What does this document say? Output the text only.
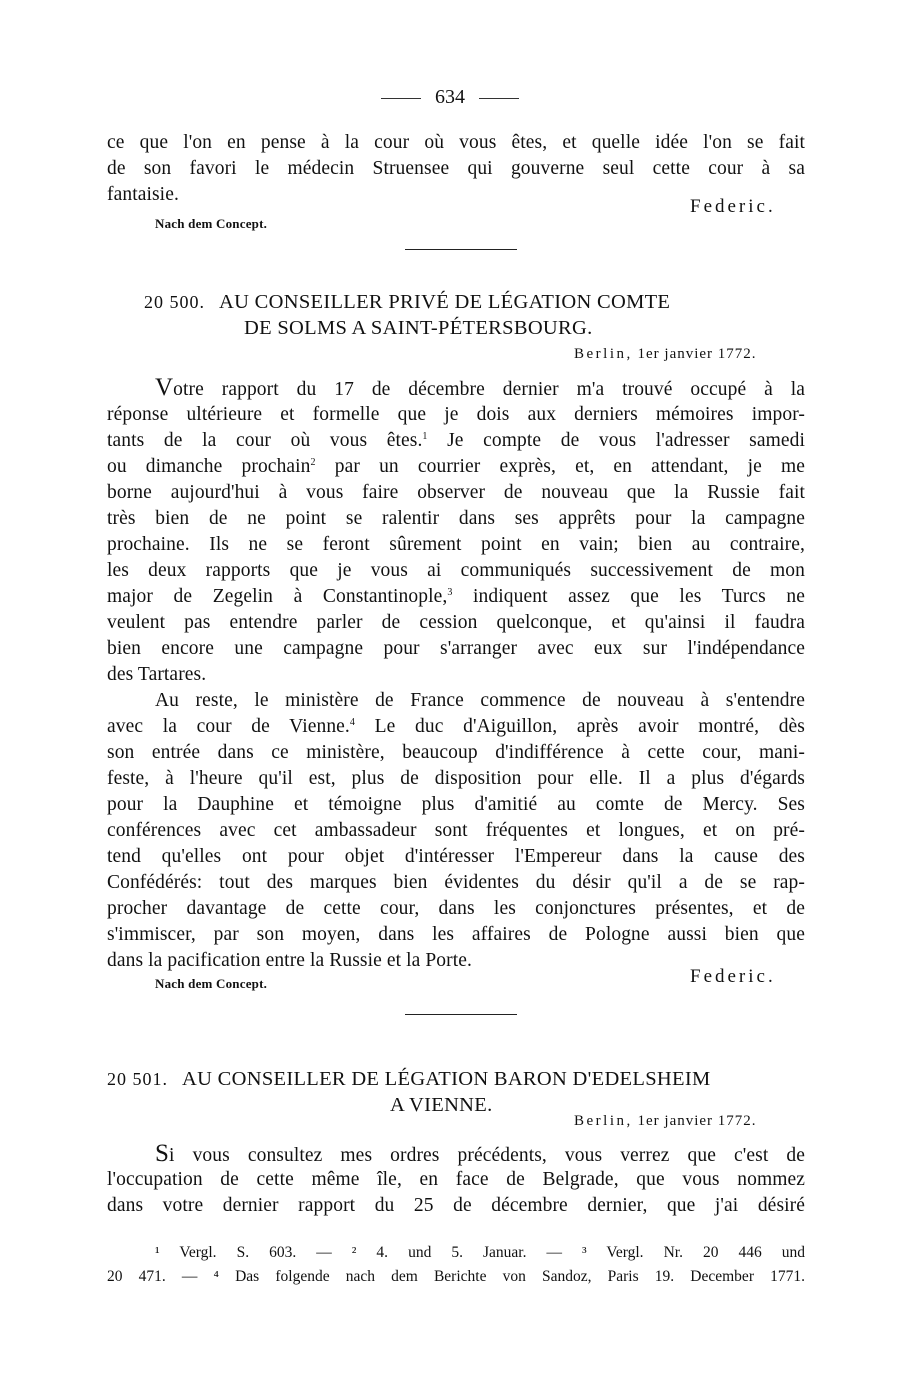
634
ce que l'on en pense à la cour où vous êtes, et quelle idée l'on se fait
de son favori le médecin Struensee qui gouverne seul cette cour à sa
fantaisie.
Federic.
Nach dem Concept.
20 500. AU CONSEILLER PRIVÉ DE LÉGATION COMTE
DE SOLMS A SAINT-PÉTERSBOURG.
Berlin, 1er janvier 1772.
Votre rapport du 17 de décembre dernier m'a trouvé occupé à la
réponse ultérieure et formelle que je dois aux derniers mémoires impor-
tants de la cour où vous êtes.$^1$ Je compte de vous l'adresser samedi
ou dimanche prochain$^2$ par un courrier exprès, et, en attendant, je me
borne aujourd'hui à vous faire observer de nouveau que la Russie fait
très bien de ne point se ralentir dans ses apprêts pour la campagne
prochaine. Ils ne se feront sûrement point en vain; bien au contraire,
les deux rapports que je vous ai communiqués successivement de mon
major de Zegelin à Constantinople,$^3$ indiquent assez que les Turcs ne
veulent pas entendre parler de cession quelconque, et qu'ainsi il faudra
bien encore une campagne pour s'arranger avec eux sur l'indépendance
des Tartares.
Au reste, le ministère de France commence de nouveau à s'entendre
avec la cour de Vienne.$^4$ Le duc d'Aiguillon, après avoir montré, dès
son entrée dans ce ministère, beaucoup d'indifférence à cette cour, mani-
feste, à l'heure qu'il est, plus de disposition pour elle. Il a plus d'égards
pour la Dauphine et témoigne plus d'amitié au comte de Mercy. Ses
conférences avec cet ambassadeur sont fréquentes et longues, et on pré-
tend qu'elles ont pour objet d'intéresser l'Empereur dans la cause des
Confédérés: tout des marques bien évidentes du désir qu'il a de se rap-
procher davantage de cette cour, dans les conjonctures présentes, et de
s'immiscer, par son moyen, dans les affaires de Pologne aussi bien que
dans la pacification entre la Russie et la Porte.
Federic.
Nach dem Concept.
20 501. AU CONSEILLER DE LÉGATION BARON D'EDELSHEIM
A VIENNE.
Berlin, 1er janvier 1772.
Si vous consultez mes ordres précédents, vous verrez que c'est de
l'occupation de cette même île, en face de Belgrade, que vous nommez
dans votre dernier rapport du 25 de décembre dernier, que j'ai désiré
¹ Vergl. S. 603. — ² 4. und 5. Januar. — ³ Vergl. Nr. 20 446 und
20 471. — ⁴ Das folgende nach dem Berichte von Sandoz, Paris 19. December 1771.
